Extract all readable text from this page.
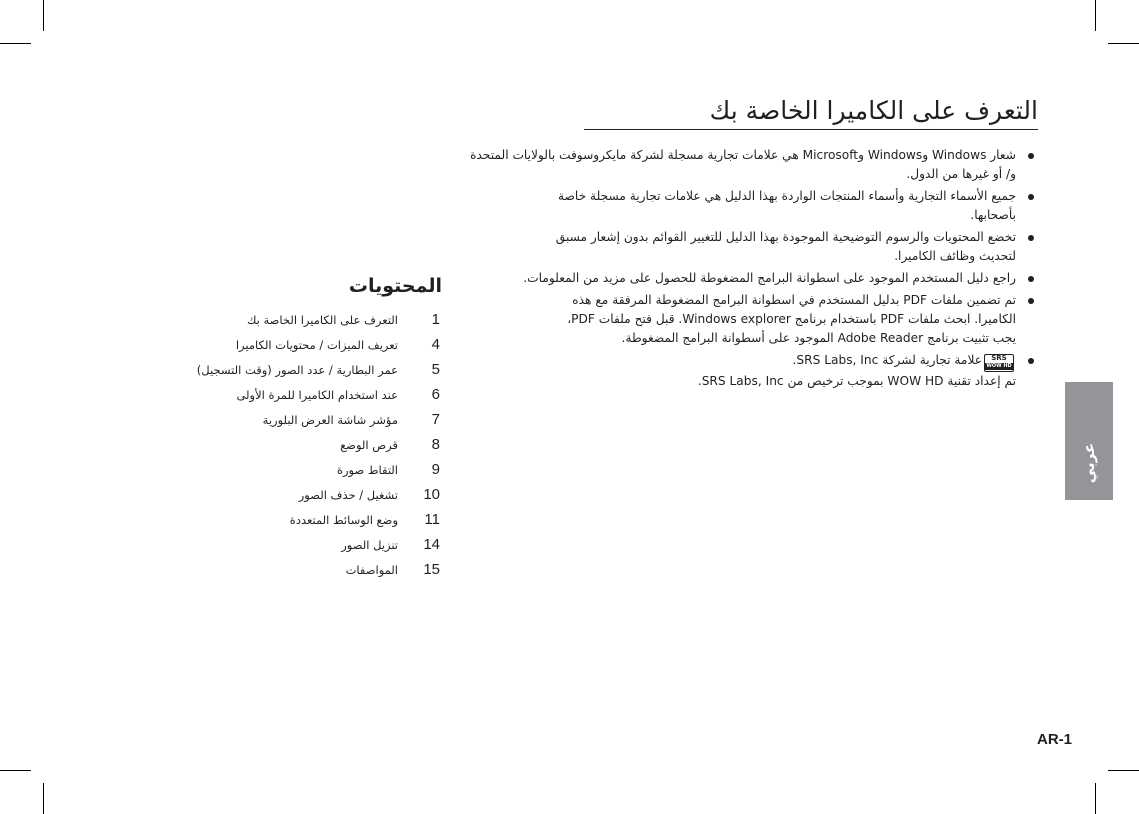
التعرف على الكاميرا الخاصة بك
شعار Windows وWindows وMicrosoft هي علامات تجارية مسجلة لشركة مايكروسوفت بالولايات المتحدة
و/ أو غيرها من الدول.
جميع الأسماء التجارية وأسماء المنتجات الواردة بهذا الدليل هي علامات تجارية مسجلة خاصة
بأصحابها.
تخضع المحتويات والرسوم التوضيحية الموجودة بهذا الدليل للتغيير القوائم بدون إشعار مسبق
لتحديث وظائف الكاميرا.
راجع دليل المستخدم الموجود على اسطوانة البرامج المضغوطة للحصول على مزيد من المعلومات.
تم تضمين ملفات PDF بدليل المستخدم في اسطوانة البرامج المضغوطة المرفقة مع هذه
الكاميرا. ابحث ملفات PDF باستخدام برنامج Windows explorer. قبل فتح ملفات PDF،
يجب تثبيت برنامج Adobe Reader الموجود على أسطوانة البرامج المضغوطة.
SRS
WOW HD
علامة تجارية لشركة SRS Labs, Inc.
تم إعداد تقنية WOW HD بموجب ترخيص من SRS Labs, Inc.
المحتويات
1
التعرف على الكاميرا الخاصة بك
4
تعريف الميزات / محتويات الكاميرا
5
عمر البطارية / عدد الصور (وقت التسجيل)
6
عند استخدام الكاميرا للمرة الأولى
7
مؤشر شاشة العرض البلورية
8
قرص الوضع
9
التقاط صورة
10
تشغيل / حذف الصور
11
وضع الوسائط المتعددة
14
تنزيل الصور
15
المواصفات
عربي
AR-1
